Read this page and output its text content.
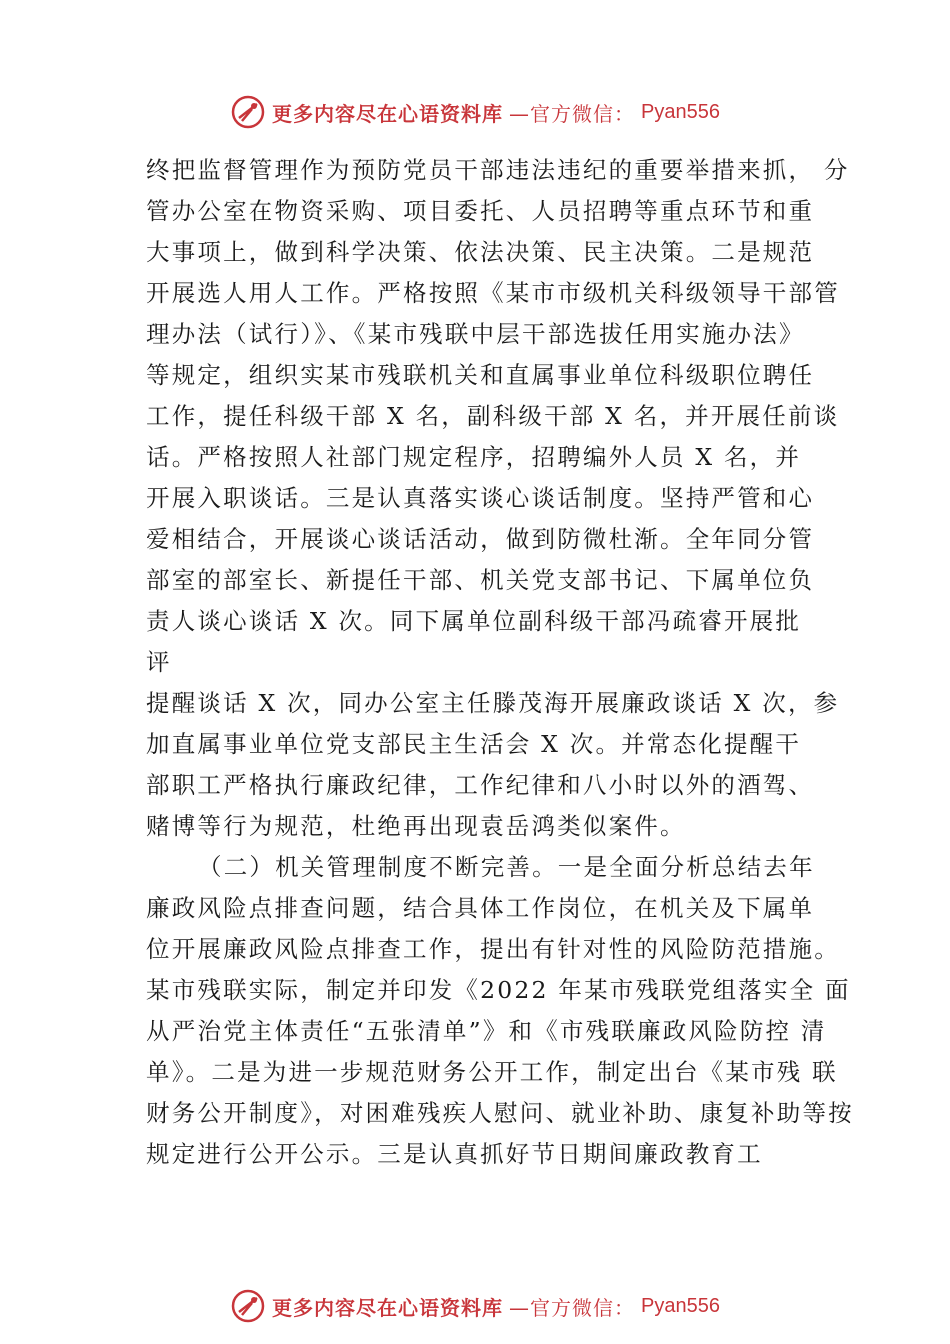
更多内容尽在心语资料库 —官方微信： Pyan556
终把监督管理作为预防党员干部违法违纪的重要举措来抓， 分
管办公室在物资采购、项目委托、人员招聘等重点环节和重
大事项上，做到科学决策、依法决策、民主决策。二是规范
开展选人用人工作。严格按照《某市市级机关科级领导干部管
理办法（试行）》、《某市残联中层干部选拔任用实施办法》
等规定，组织实某市残联机关和直属事业单位科级职位聘任
工作，提任科级干部 X 名，副科级干部 X 名，并开展任前谈
话。严格按照人社部门规定程序，招聘编外人员 X 名，并
开展入职谈话。三是认真落实谈心谈话制度。坚持严管和心
爱相结合，开展谈心谈话活动，做到防微杜渐。全年同分管
部室的部室长、新提任干部、机关党支部书记、下属单位负
责人谈心谈话 X 次。同下属单位副科级干部冯疏睿开展批
评
提醒谈话 X 次，同办公室主任滕茂海开展廉政谈话 X 次，参
加直属事业单位党支部民主生活会 X 次。并常态化提醒干
部职工严格执行廉政纪律，工作纪律和八小时以外的酒驾、
赌博等行为规范，杜绝再出现袁岳鸿类似案件。
（二）机关管理制度不断完善。一是全面分析总结去年
廉政风险点排查问题，结合具体工作岗位，在机关及下属单
位开展廉政风险点排查工作，提出有针对性的风险防范措施。
某市残联实际，制定并印发《2022 年某市残联党组落实全 面
从严治党主体责任“五张清单”》和《市残联廉政风险防控 清
单》。二是为进一步规范财务公开工作，制定出台《某市残 联
财务公开制度》，对困难残疾人慰问、就业补助、康复补助等按
规定进行公开公示。三是认真抓好节日期间廉政教育工
更多内容尽在心语资料库 —官方微信： Pyan556
